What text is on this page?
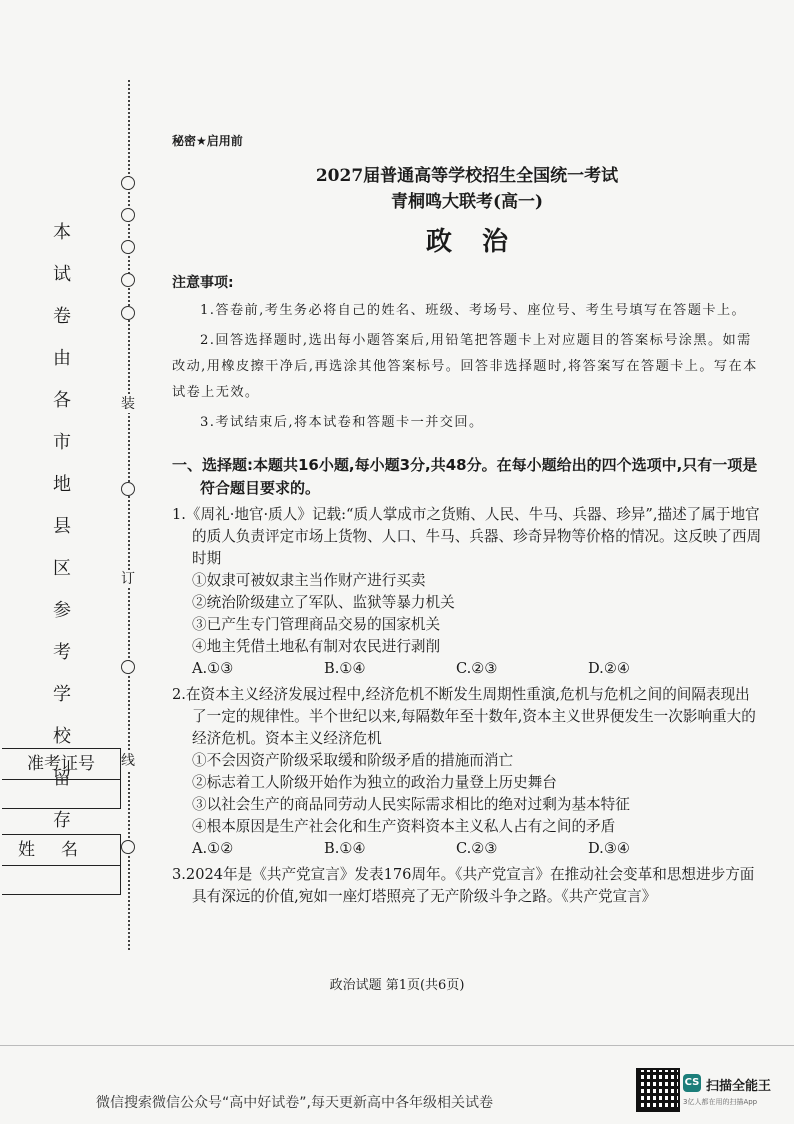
装
订
线
本
试
卷
由
各
市
地
县
区
参
考
学
校
留
存
准考证号
姓名
秘密★启用前
2027届普通高等学校招生全国统一考试
青桐鸣大联考(高一)
政治
注意事项:
1.答卷前,考生务必将自己的姓名、班级、考场号、座位号、考生号填写在答题卡上。
2.回答选择题时,选出每小题答案后,用铅笔把答题卡上对应题目的答案标号涂黑。如需改动,用橡皮擦干净后,再选涂其他答案标号。回答非选择题时,将答案写在答题卡上。写在本试卷上无效。
3.考试结束后,将本试卷和答题卡一并交回。
一、选择题:本题共16小题,每小题3分,共48分。在每小题给出的四个选项中,只有一项是符合题目要求的。
1.《周礼·地官·质人》记载:“质人掌成市之货贿、人民、牛马、兵器、珍异”,描述了属于地官的质人负责评定市场上货物、人口、牛马、兵器、珍奇异物等价格的情况。这反映了西周时期
①奴隶可被奴隶主当作财产进行买卖
②统治阶级建立了军队、监狱等暴力机关
③已产生专门管理商品交易的国家机关
④地主凭借土地私有制对农民进行剥削
A.①③	B.①④	C.②③	D.②④
2.在资本主义经济发展过程中,经济危机不断发生周期性重演,危机与危机之间的间隔表现出了一定的规律性。半个世纪以来,每隔数年至十数年,资本主义世界便发生一次影响重大的经济危机。资本主义经济危机
①不会因资产阶级采取缓和阶级矛盾的措施而消亡
②标志着工人阶级开始作为独立的政治力量登上历史舞台
③以社会生产的商品同劳动人民实际需求相比的绝对过剩为基本特征
④根本原因是生产社会化和生产资料资本主义私人占有之间的矛盾
A.①②	B.①④	C.②③	D.③④
3.2024年是《共产党宣言》发表176周年。《共产党宣言》在推动社会变革和思想进步方面具有深远的价值,宛如一座灯塔照亮了无产阶级斗争之路。《共产党宣言》
政治试题 第1页(共6页)
微信搜索微信公众号“高中好试卷”,每天更新高中各年级相关试卷
CS 扫描全能王
3亿人都在用的扫描App
